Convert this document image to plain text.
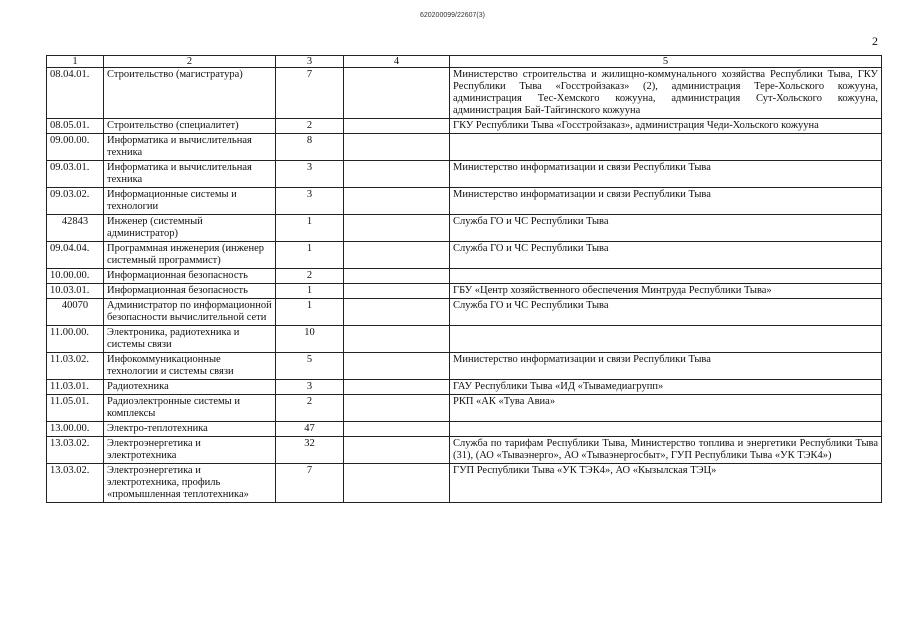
620200099/22607(3)
2
1	2	3	4	5
08.04.01.	Строительство (магистратура)	7		Министерство строительства и жилищно-коммунального хозяйства Республики Тыва, ГКУ Республики Тыва «Госстройзаказ» (2), администрация Тере-Хольского кожууна, администрация Тес-Хемского кожууна, администрация Сут-Хольского кожууна, администрация Бай-Тайгинского кожууна
08.05.01.	Строительство (специалитет)	2		ГКУ Республики Тыва «Госстройзаказ», администрация Чеди-Хольского кожууна
09.00.00.	Информатика и вычислительная техника	8		
09.03.01.	Информатика и вычислительная техника	3		Министерство информатизации и связи Республики Тыва
09.03.02.	Информационные системы и технологии	3		Министерство информатизации и связи Республики Тыва
42843	Инженер (системный администратор)	1		Служба ГО и ЧС Республики Тыва
09.04.04.	Программная инженерия (инженер системный программист)	1		Служба ГО и ЧС Республики Тыва
10.00.00.	Информационная безопасность	2		
10.03.01.	Информационная безопасность	1		ГБУ «Центр хозяйственного обеспечения Минтруда Республики Тыва»
40070	Администратор по информационной безопасности вычислительной сети	1		Служба ГО и ЧС Республики Тыва
11.00.00.	Электроника, радиотехника и системы связи	10		
11.03.02.	Инфокоммуникационные технологии и системы связи	5		Министерство информатизации и связи Республики Тыва
11.03.01.	Радиотехника	3		ГАУ Республики Тыва «ИД «Тывамедиагрупп»
11.05.01.	Радиоэлектронные системы и комплексы	2		РКП «АК «Тува Авиа»
13.00.00.	Электро-теплотехника	47		
13.03.02.	Электроэнергетика и электротехника	32		Служба по тарифам Республики Тыва, Министерство топлива и энергетики Республики Тыва (31), (АО «Тываэнерго», АО «Тываэнергосбыт», ГУП Республики Тыва «УК ТЭК4»)
13.03.02.	Электроэнергетика и электротехника, профиль «промышленная теплотехника»	7		ГУП Республики Тыва «УК ТЭК4», АО «Кызылская ТЭЦ»
